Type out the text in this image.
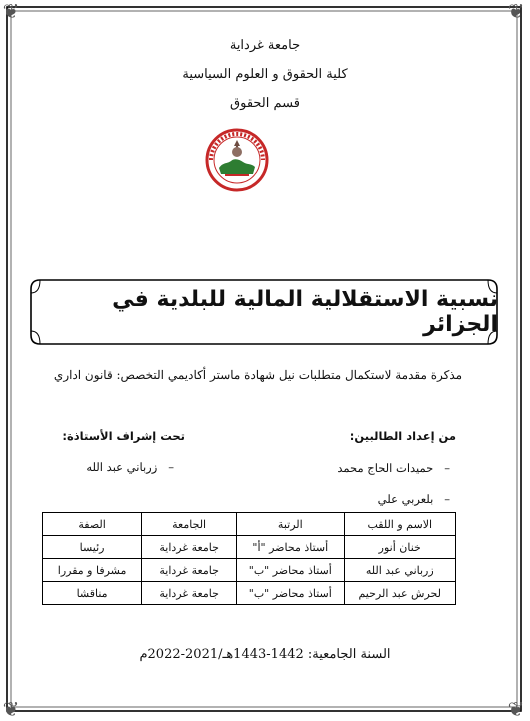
❦	❦
❦	❦
جامعة غرداية
كلية الحقوق و العلوم السياسية
قسم الحقوق
نسبية الاستقلالية المالية للبلدية في الجزائر
مذكرة مقدمة لاستكمال متطلبات نيل شهادة ماستر أكاديمي التخصص: قانون اداري
من إعداد الطالبين:
تحت إشراف الأستاذة:
–   حميدات الحاج محمد
–   بلعربي علي
–   زرباني عبد الله
الاسم و اللقب	الرتبة	الجامعة	الصفة
خنان أنور	أستاذ محاضر "أ"	جامعة غرداية	رئيسا
زرباني عبد الله	أستاذ محاضر "ب"	جامعة غرداية	مشرفا و مقررا
لحرش عبد الرحيم	أستاذ محاضر "ب"	جامعة غرداية	مناقشا
السنة الجامعية: 1442-1443هـ/2021-2022م
